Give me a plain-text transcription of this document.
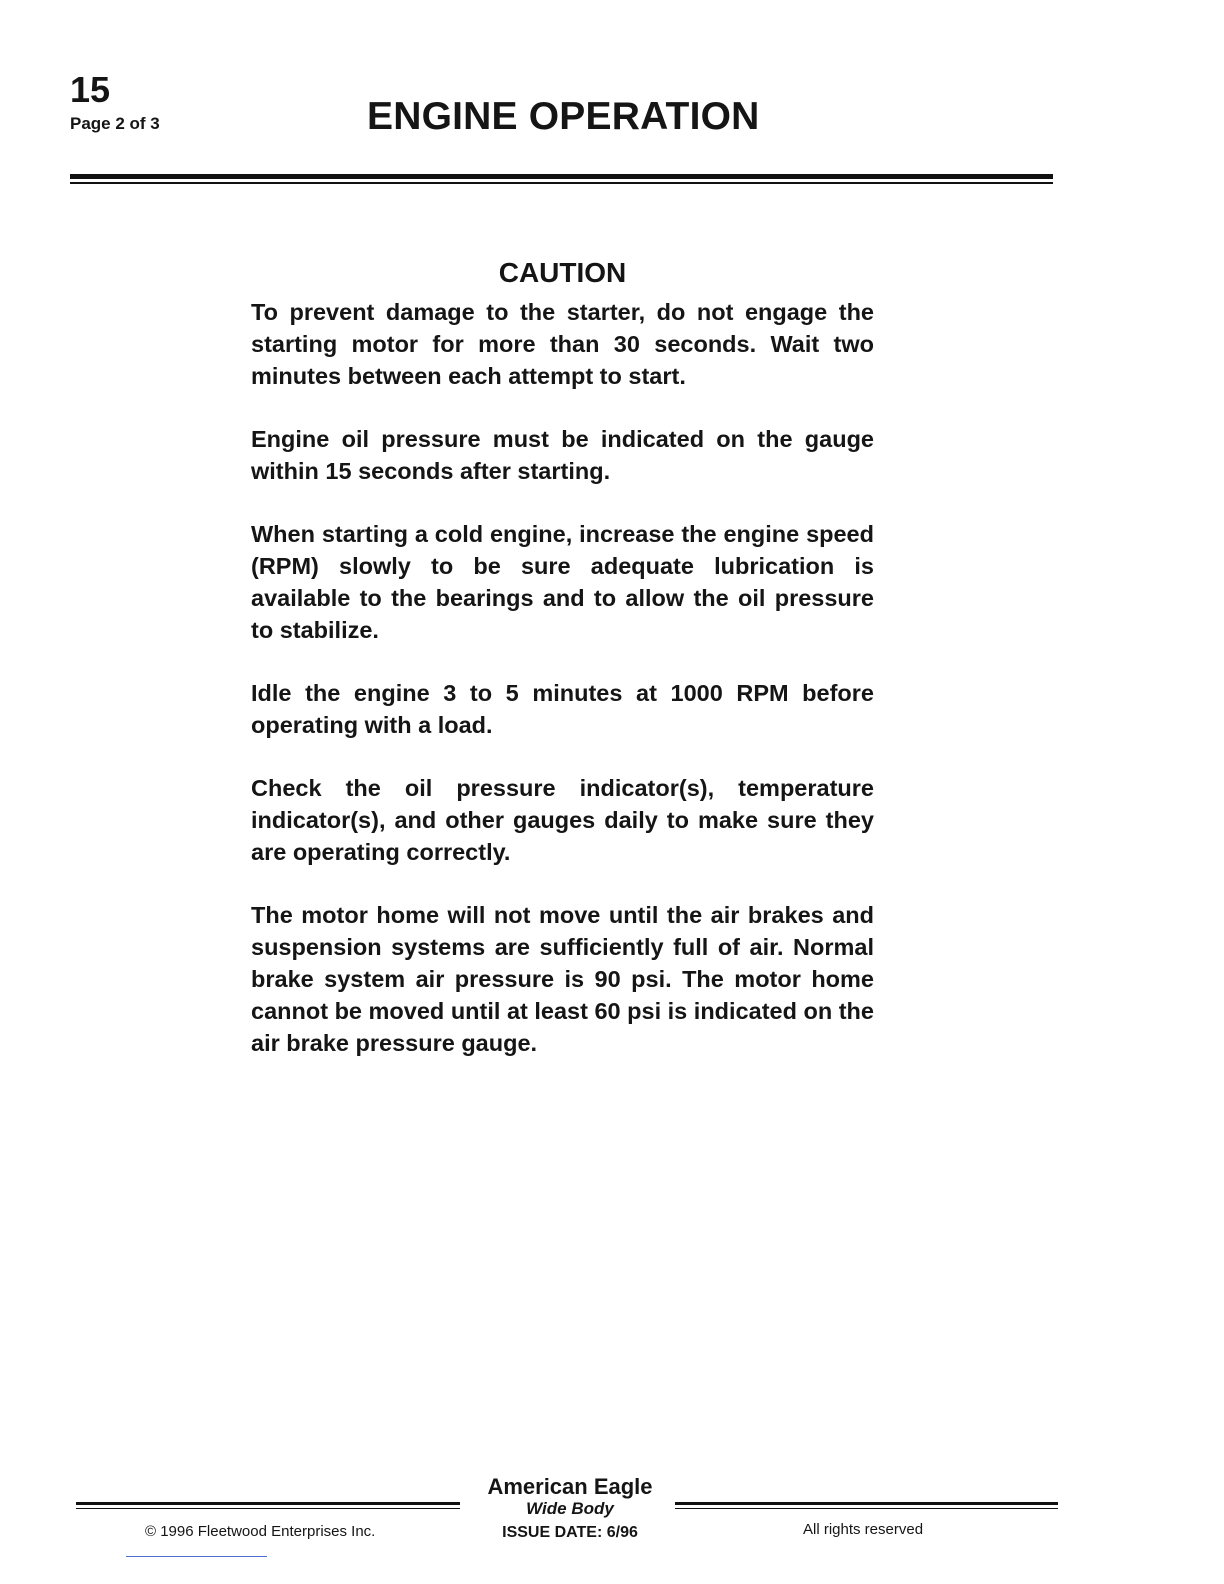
15
Page 2 of 3	ENGINE OPERATION
CAUTION

To prevent damage to the starter, do not engage the starting motor for more than 30 seconds. Wait two minutes between each attempt to start.

Engine oil pressure must be indicated on the gauge within 15 seconds after starting.

When starting a cold engine, increase the engine speed (RPM) slowly to be sure adequate lubrication is available to the bearings and to allow the oil pressure to stabilize.

Idle the engine 3 to 5 minutes at 1000 RPM before operating with a load.

Check the oil pressure indicator(s), temperature indicator(s), and other gauges daily to make sure they are operating correctly.

The motor home will not move until the air brakes and suspension systems are sufficiently full of air. Normal brake system air pressure is 90 psi. The motor home cannot be moved until at least 60 psi is indicated on the air brake pressure gauge.

American Eagle
Wide Body
© 1996 Fleetwood Enterprises Inc.	ISSUE DATE: 6/96	All rights reserved
